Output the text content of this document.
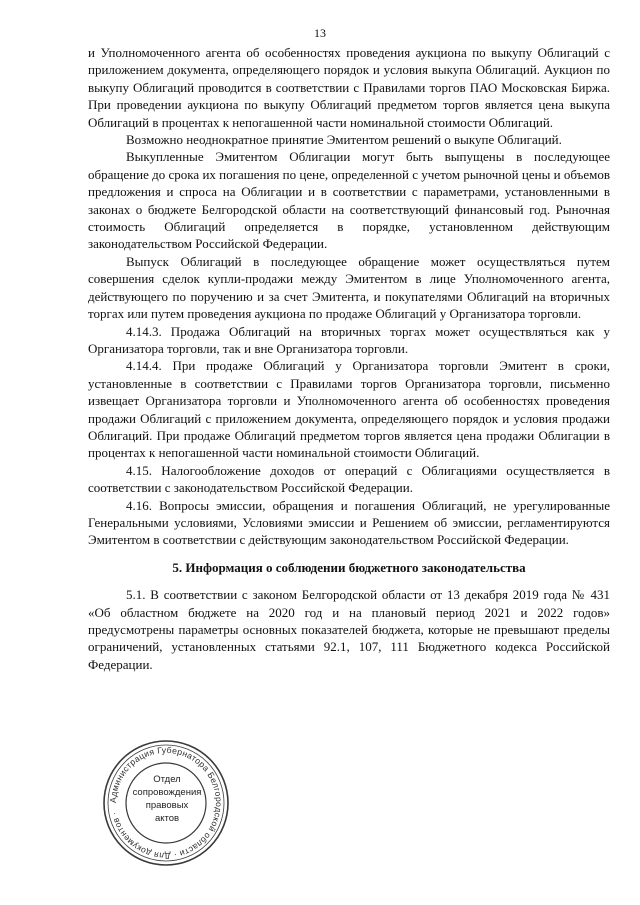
13

и Уполномоченного агента об особенностях проведения аукциона по выкупу Облигаций с приложением документа, определяющего порядок и условия выкупа Облигаций. Аукцион по выкупу Облигаций проводится в соответствии с Правилами торгов ПАО Московская Биржа. При проведении аукциона по выкупу Облигаций предметом торгов является цена выкупа Облигаций в процентах к непогашенной части номинальной стоимости Облигаций.

Возможно неоднократное принятие Эмитентом решений о выкупе Облигаций.

Выкупленные Эмитентом Облигации могут быть выпущены в последующее обращение до срока их погашения по цене, определенной с учетом рыночной цены и объемов предложения и спроса на Облигации и в соответствии с параметрами, установленными в законах о бюджете Белгородской области на соответствующий финансовый год. Рыночная стоимость Облигаций определяется в порядке, установленном действующим законодательством Российской Федерации.

Выпуск Облигаций в последующее обращение может осуществляться путем совершения сделок купли-продажи между Эмитентом в лице Уполномоченного агента, действующего по поручению и за счет Эмитента, и покупателями Облигаций на вторичных торгах или путем проведения аукциона по продаже Облигаций у Организатора торговли.

4.14.3. Продажа Облигаций на вторичных торгах может осуществляться как у Организатора торговли, так и вне Организатора торговли.

4.14.4. При продаже Облигаций у Организатора торговли Эмитент в сроки, установленные в соответствии с Правилами торгов Организатора торговли, письменно извещает Организатора торговли и Уполномоченного агента об особенностях проведения продажи Облигаций с приложением документа, определяющего порядок и условия продажи Облигаций. При продаже Облигаций предметом торгов является цена продажи Облигации в процентах к непогашенной части номинальной стоимости Облигаций.

4.15. Налогообложение доходов от операций с Облигациями осуществляется в соответствии с законодательством Российской Федерации.

4.16. Вопросы эмиссии, обращения и погашения Облигаций, не урегулированные Генеральными условиями, Условиями эмиссии и Решением об эмиссии, регламентируются Эмитентом в соответствии с действующим законодательством Российской Федерации.

5. Информация о соблюдении бюджетного законодательства

5.1. В соответствии с законом Белгородской области от 13 декабря 2019 года № 431 «Об областном бюджете на 2020 год и на плановый период 2021 и 2022 годов» предусмотрены параметры основных показателей бюджета, которые не превышают пределы ограничений, установленных статьями 92.1, 107, 111 Бюджетного кодекса Российской Федерации.

Администрация Губернатора Белгородской области · Для документов ·
Отдел
сопровождения
правовых
актов
